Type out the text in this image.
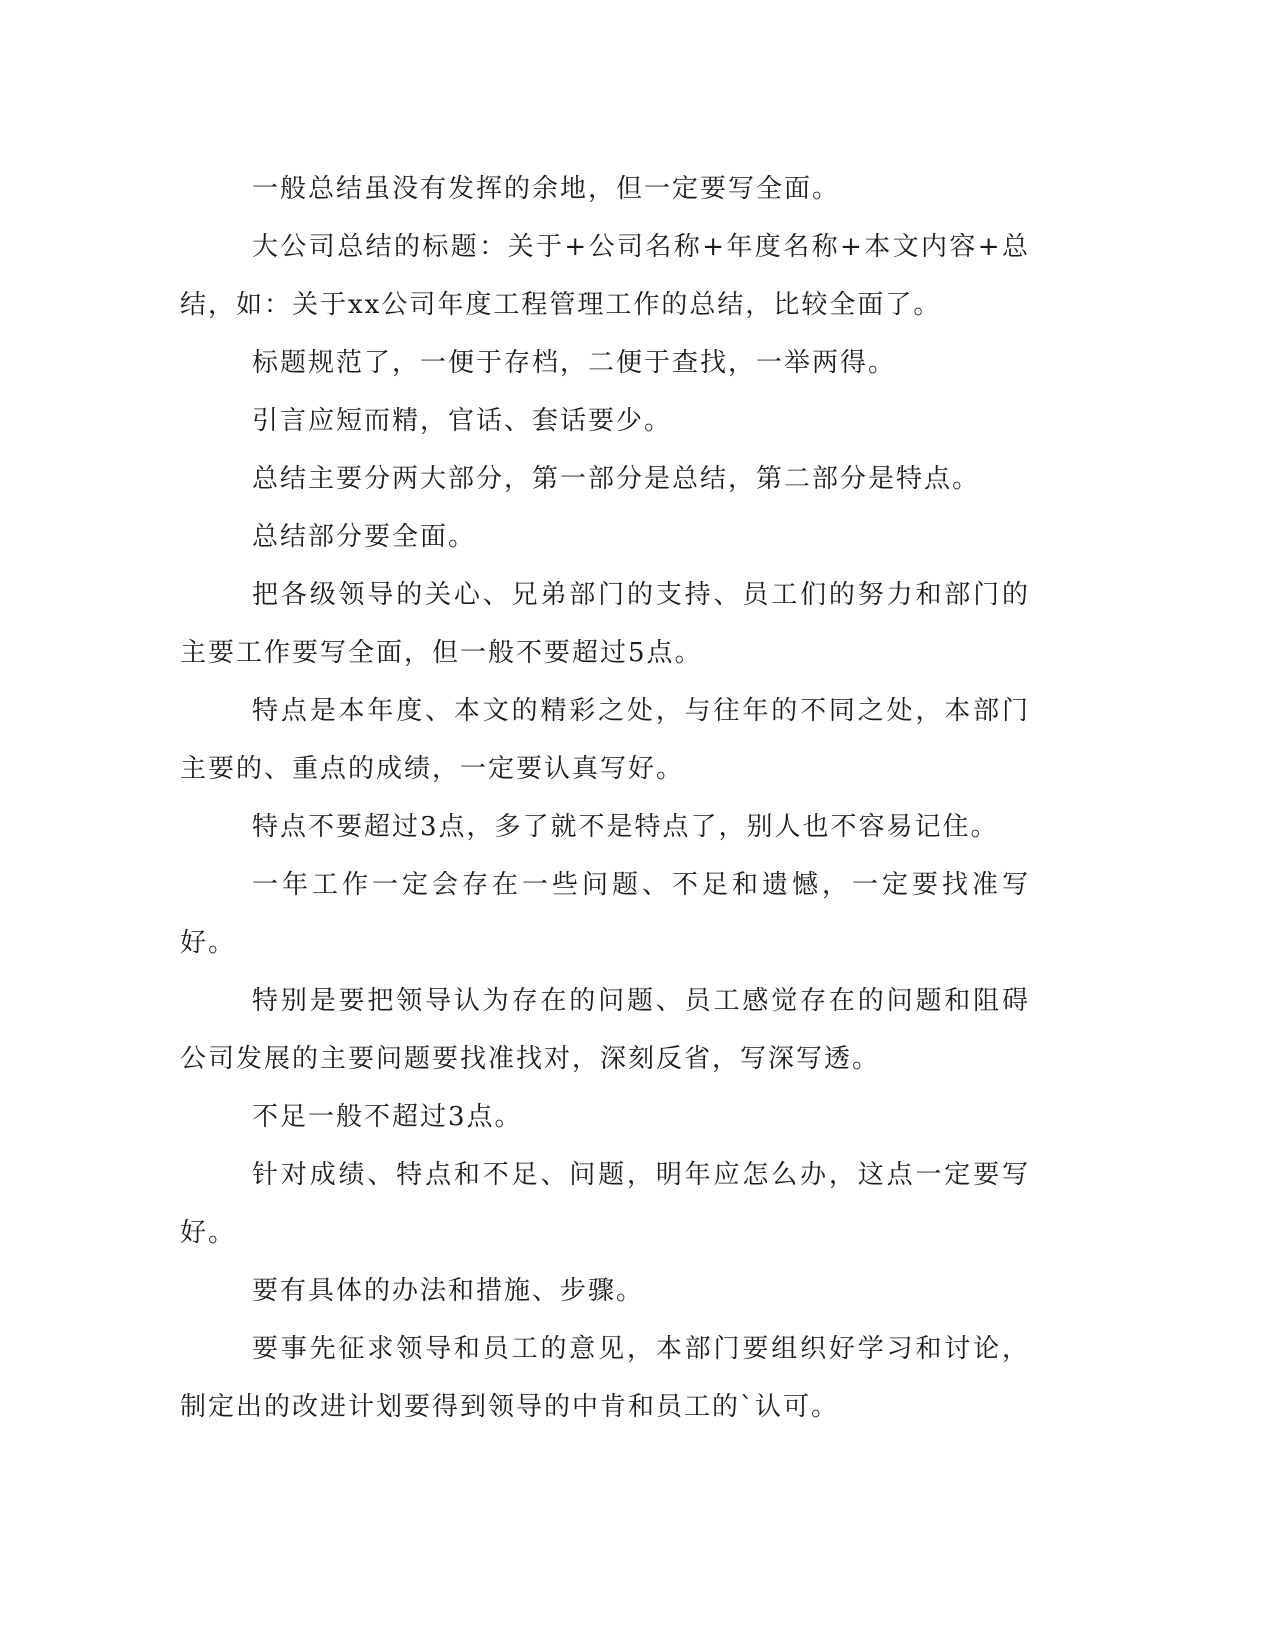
一般总结虽没有发挥的余地，但一定要写全面。

大公司总结的标题：关于+公司名称+年度名称+本文内容+总结，如：关于xx公司年度工程管理工作的总结，比较全面了。

标题规范了，一便于存档，二便于查找，一举两得。

引言应短而精，官话、套话要少。

总结主要分两大部分，第一部分是总结，第二部分是特点。

总结部分要全面。

把各级领导的关心、兄弟部门的支持、员工们的努力和部门的主要工作要写全面，但一般不要超过5点。

特点是本年度、本文的精彩之处，与往年的不同之处，本部门主要的、重点的成绩，一定要认真写好。

特点不要超过3点，多了就不是特点了，别人也不容易记住。

一年工作一定会存在一些问题、不足和遗憾，一定要找准写好。

特别是要把领导认为存在的问题、员工感觉存在的问题和阻碍公司发展的主要问题要找准找对，深刻反省，写深写透。

不足一般不超过3点。

针对成绩、特点和不足、问题，明年应怎么办，这点一定要写好。

要有具体的办法和措施、步骤。

要事先征求领导和员工的意见，本部门要组织好学习和讨论，制定出的改进计划要得到领导的中肯和员工的`认可。
